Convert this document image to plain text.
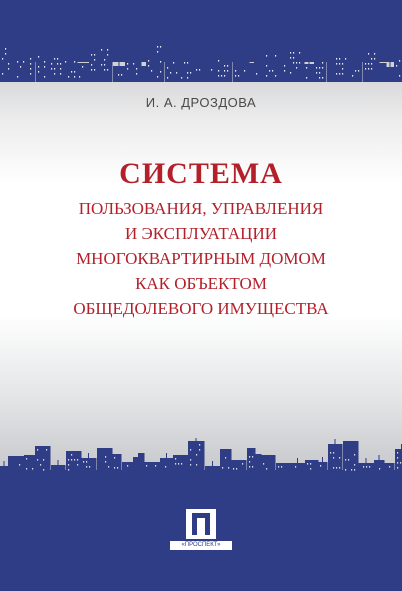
И. А. ДРОЗДОВА
СИСТЕМА
ПОЛЬЗОВАНИЯ, УПРАВЛЕНИЯ
И ЭКСПЛУАТАЦИИ
МНОГОКВАРТИРНЫМ ДОМОМ
КАК ОБЪЕКТОМ
ОБЩЕДОЛЕВОГО ИМУЩЕСТВА
«ПРОСПЕКТ»
